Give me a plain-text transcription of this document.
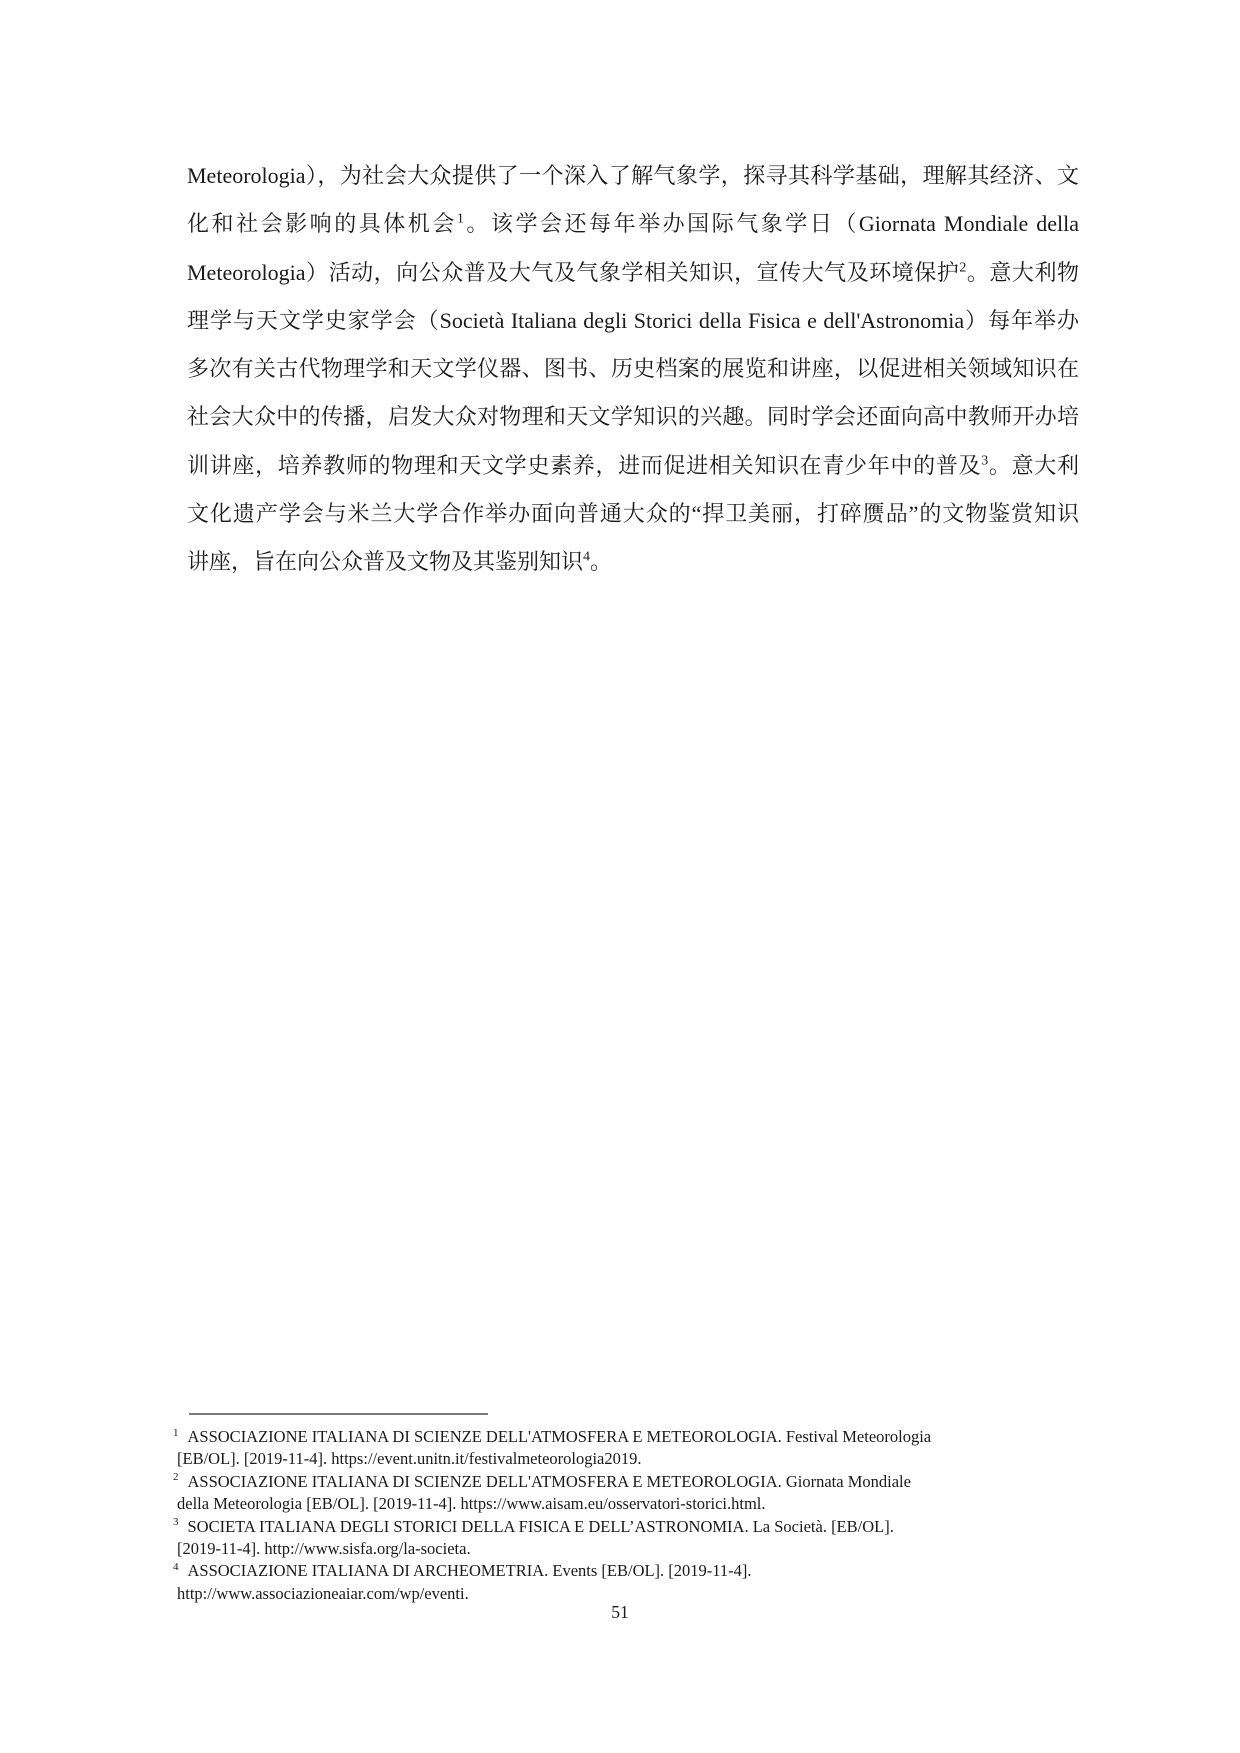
Meteorologia），为社会大众提供了一个深入了解气象学，探寻其科学基础，理解其经济、文
化和社会影响的具体机会$^1$。该学会还每年举办国际气象学日（Giornata Mondiale della
Meteorologia）活动，向公众普及大气及气象学相关知识，宣传大气及环境保护$^2$。意大利物
理学与天文学史家学会（Società Italiana degli Storici della Fisica e dell'Astronomia）每年举办
多次有关古代物理学和天文学仪器、图书、历史档案的展览和讲座，以促进相关领域知识在
社会大众中的传播，启发大众对物理和天文学知识的兴趣。同时学会还面向高中教师开办培
训讲座，培养教师的物理和天文学史素养，进而促进相关知识在青少年中的普及$^3$。意大利
文化遗产学会与米兰大学合作举办面向普通大众的“捍卫美丽，打碎赝品”的文物鉴赏知识
讲座，旨在向公众普及文物及其鉴别知识$^4$。
$^1$ ASSOCIAZIONE ITALIANA DI SCIENZE DELL'ATMOSFERA E METEOROLOGIA. Festival Meteorologia
[EB/OL]. [2019-11-4]. https://event.unitn.it/festivalmeteorologia2019.
$^2$ ASSOCIAZIONE ITALIANA DI SCIENZE DELL'ATMOSFERA E METEOROLOGIA. Giornata Mondiale
della Meteorologia [EB/OL]. [2019-11-4]. https://www.aisam.eu/osservatori-storici.html.
$^3$ SOCIETA ITALIANA DEGLI STORICI DELLA FISICA E DELL’ASTRONOMIA. La Società. [EB/OL].
[2019-11-4]. http://www.sisfa.org/la-societa.
$^4$ ASSOCIAZIONE ITALIANA DI ARCHEOMETRIA. Events [EB/OL]. [2019-11-4].
http://www.associazioneaiar.com/wp/eventi.
51
